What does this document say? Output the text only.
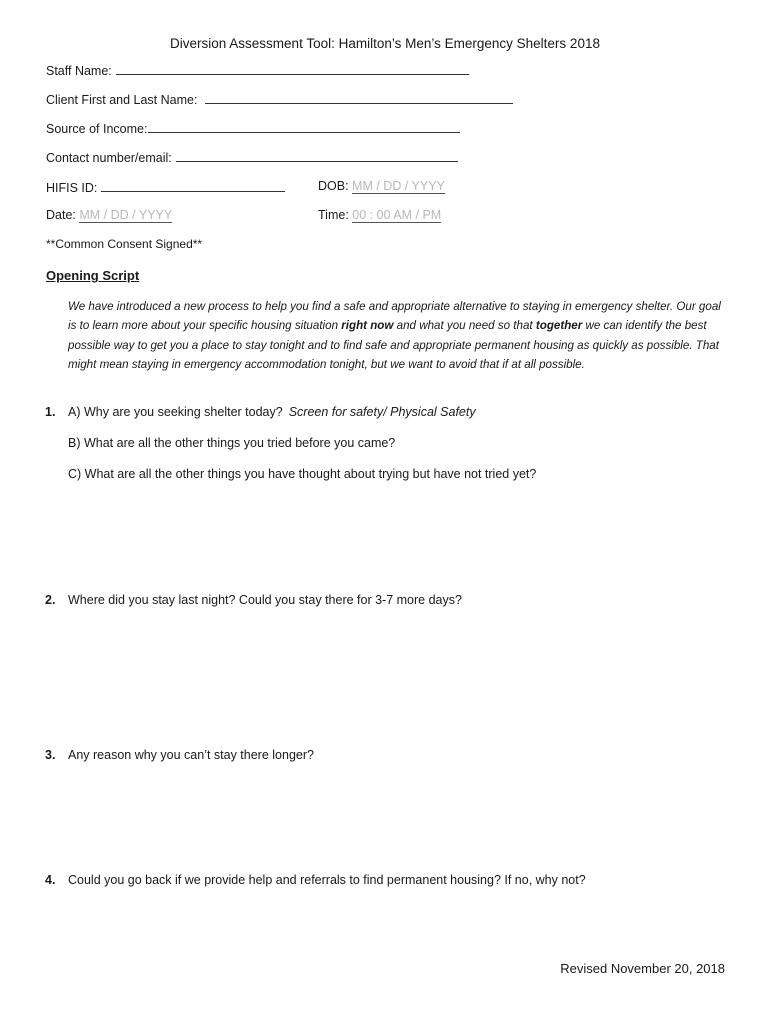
Diversion Assessment Tool: Hamilton’s Men’s Emergency Shelters 2018
Staff Name:
Client First and Last Name:
Source of Income:
Contact number/email:
HIFIS ID:	DOB: MM / DD / YYYY
Date: MM / DD / YYYY	Time: 00 : 00 AM / PM
**Common Consent Signed**
Opening Script
We have introduced a new process to help you find a safe and appropriate alternative to staying in emergency shelter. Our goal is to learn more about your specific housing situation right now and what you need so that together we can identify the best possible way to get you a place to stay tonight and to find safe and appropriate permanent housing as quickly as possible. That might mean staying in emergency accommodation tonight, but we want to avoid that if at all possible.
1. A) Why are you seeking shelter today? Screen for safety/ Physical Safety
B) What are all the other things you tried before you came?
C) What are all the other things you have thought about trying but have not tried yet?
2. Where did you stay last night? Could you stay there for 3-7 more days?
3. Any reason why you can’t stay there longer?
4. Could you go back if we provide help and referrals to find permanent housing? If no, why not?
Revised November 20, 2018
